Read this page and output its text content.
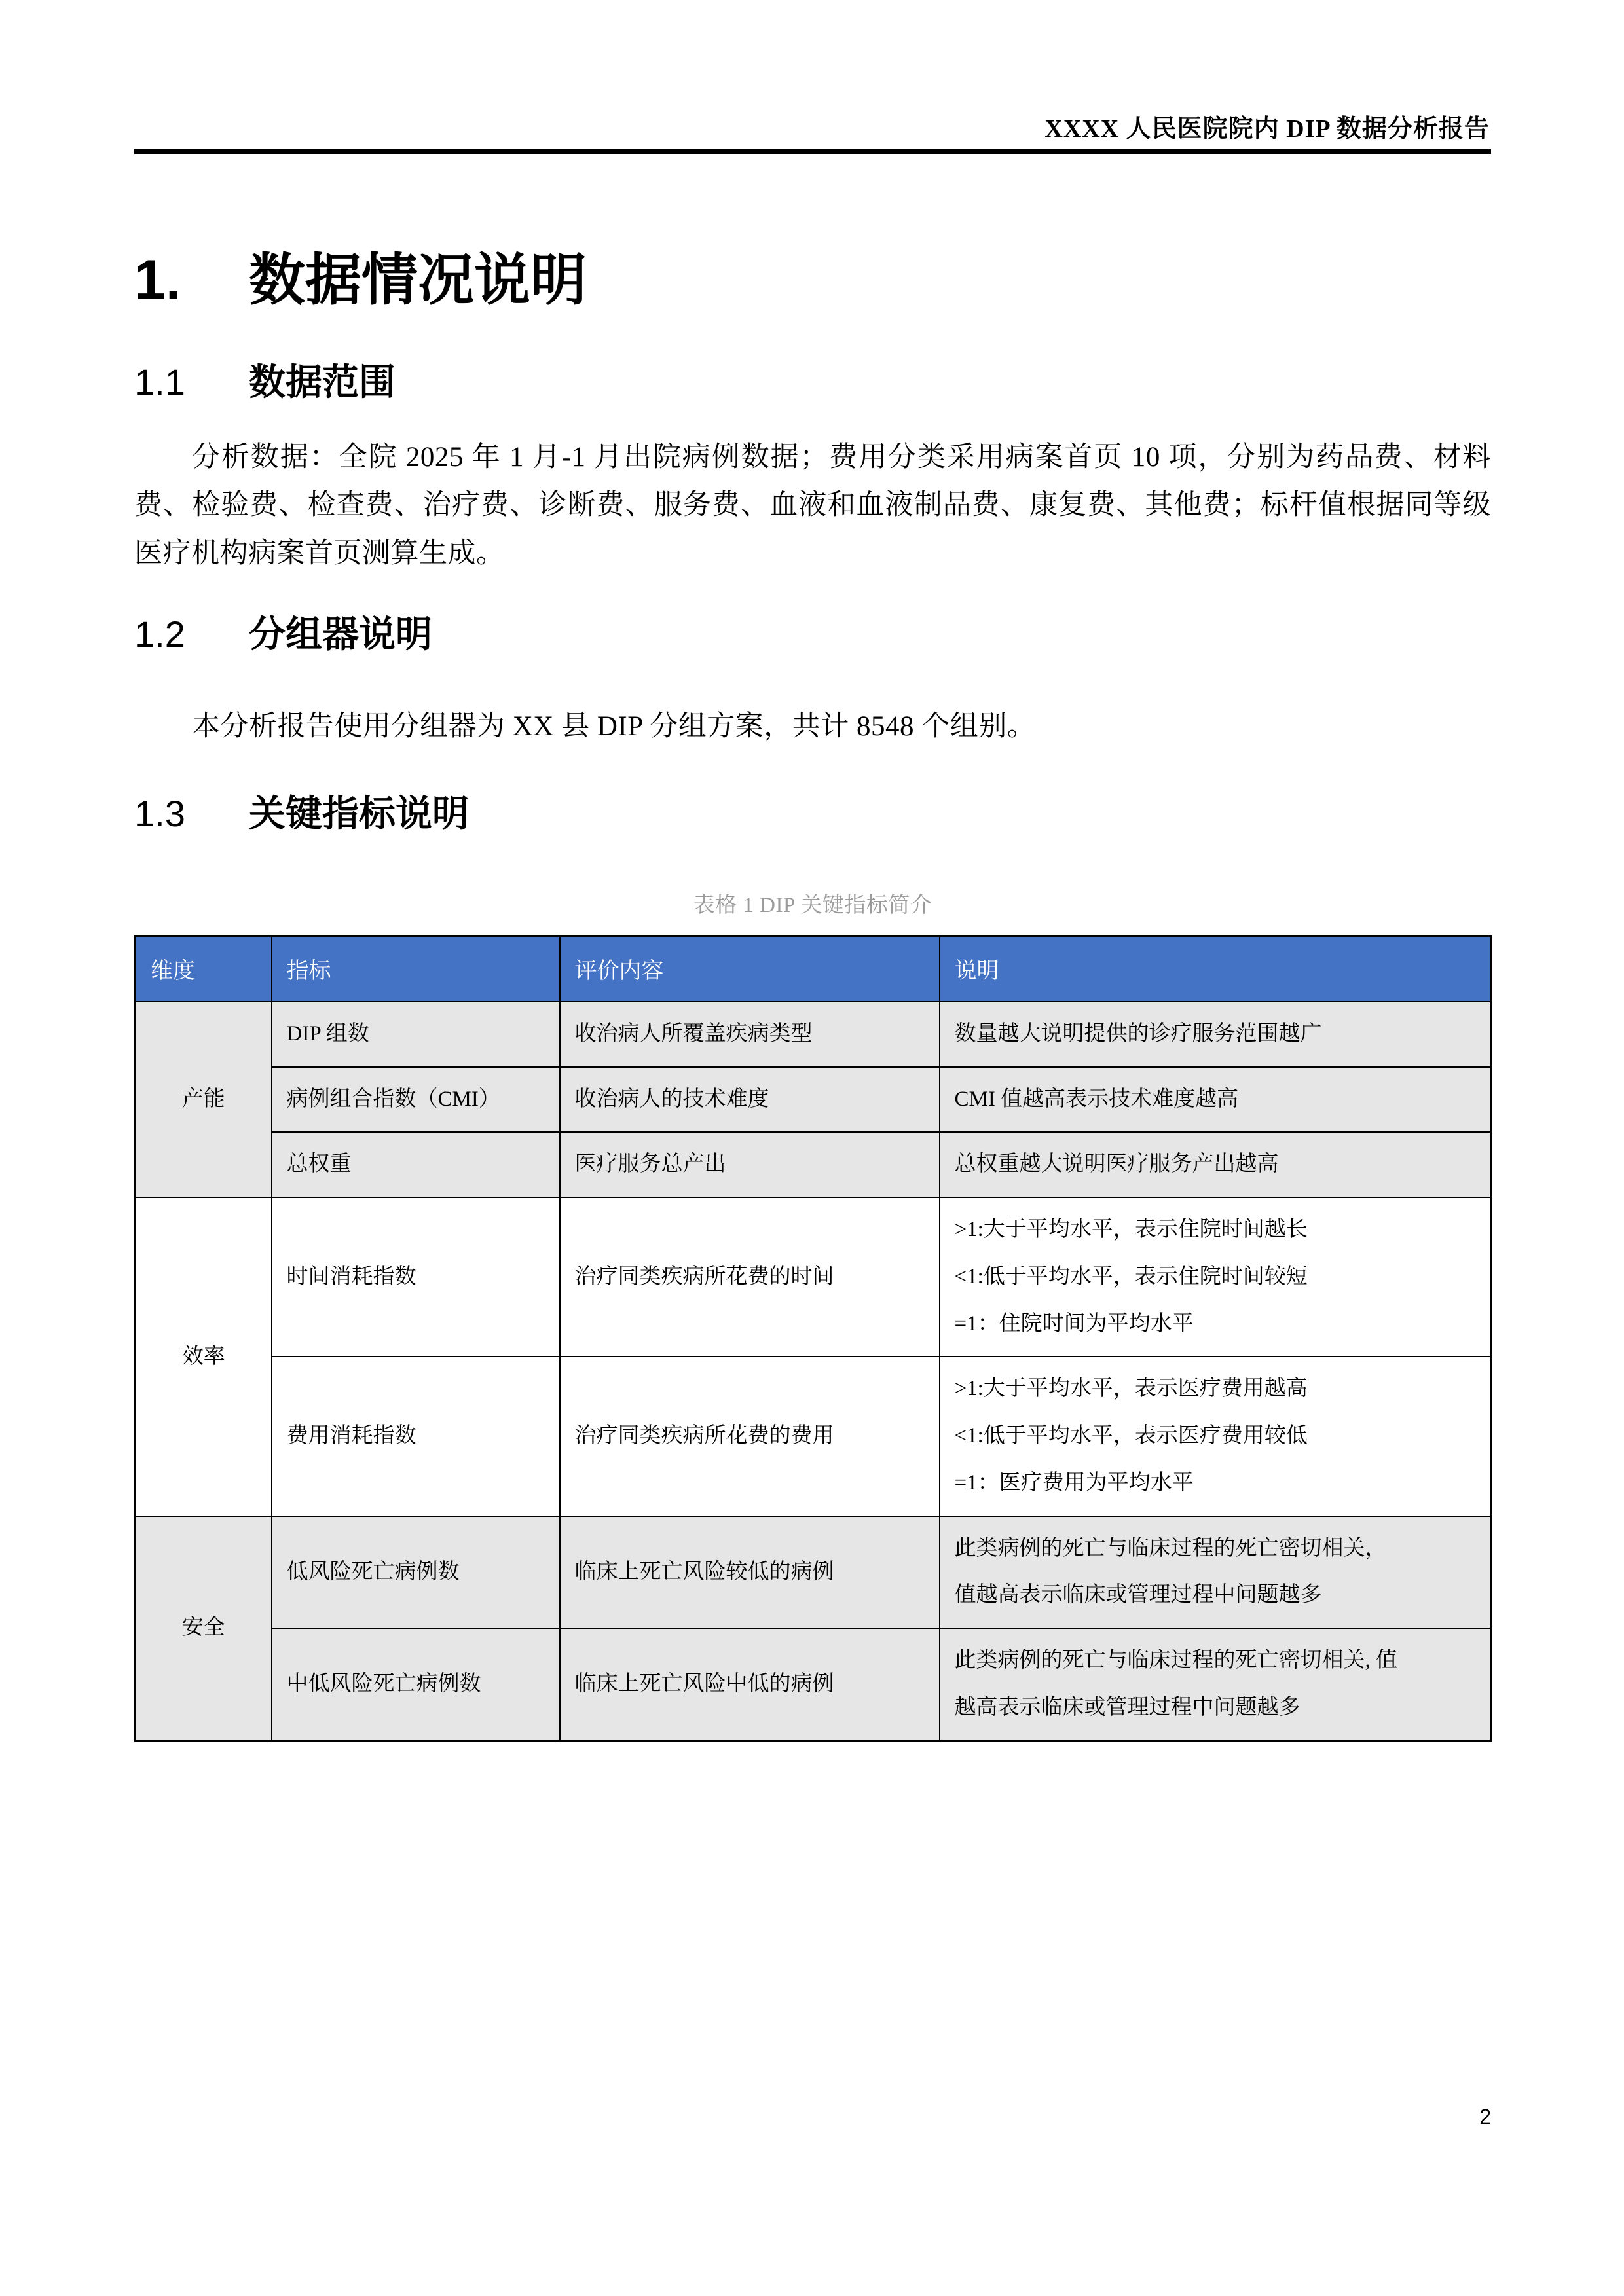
XXXX 人民医院院内 DIP 数据分析报告
1.	数据情况说明
1.1	数据范围

分析数据：全院 2025 年 1 月-1 月出院病例数据；费用分类采用病案首页 10 项，分别为药品费、材料费、检验费、检查费、治疗费、诊断费、服务费、血液和血液制品费、康复费、其他费；标杆值根据同等级医疗机构病案首页测算生成。

1.2	分组器说明

本分析报告使用分组器为 XX 县 DIP 分组方案，共计 8548 个组别。

1.3	关键指标说明
表格 1 DIP 关键指标简介
维度	指标	评价内容	说明
产能	DIP 组数	收治病人所覆盖疾病类型	数量越大说明提供的诊疗服务范围越广

	病例组合指数（CMI）	收治病人的技术难度	CMI 值越高表示技术难度越高

	总权重	医疗服务总产出	总权重越大说明医疗服务产出越高

效率	时间消耗指数	治疗同类疾病所花费的时间	>1:大于平均水平，表示住院时间越长
<1:低于平均水平，表示住院时间较短
=1：住院时间为平均水平

	费用消耗指数	治疗同类疾病所花费的费用	>1:大于平均水平，表示医疗费用越高
<1:低于平均水平，表示医疗费用较低
=1：医疗费用为平均水平

安全	低风险死亡病例数	临床上死亡风险较低的病例	此类病例的死亡与临床过程的死亡密切相关，
值越高表示临床或管理过程中问题越多

	中低风险死亡病例数	临床上死亡风险中低的病例	此类病例的死亡与临床过程的死亡密切相关, 值
越高表示临床或管理过程中问题越多
2
